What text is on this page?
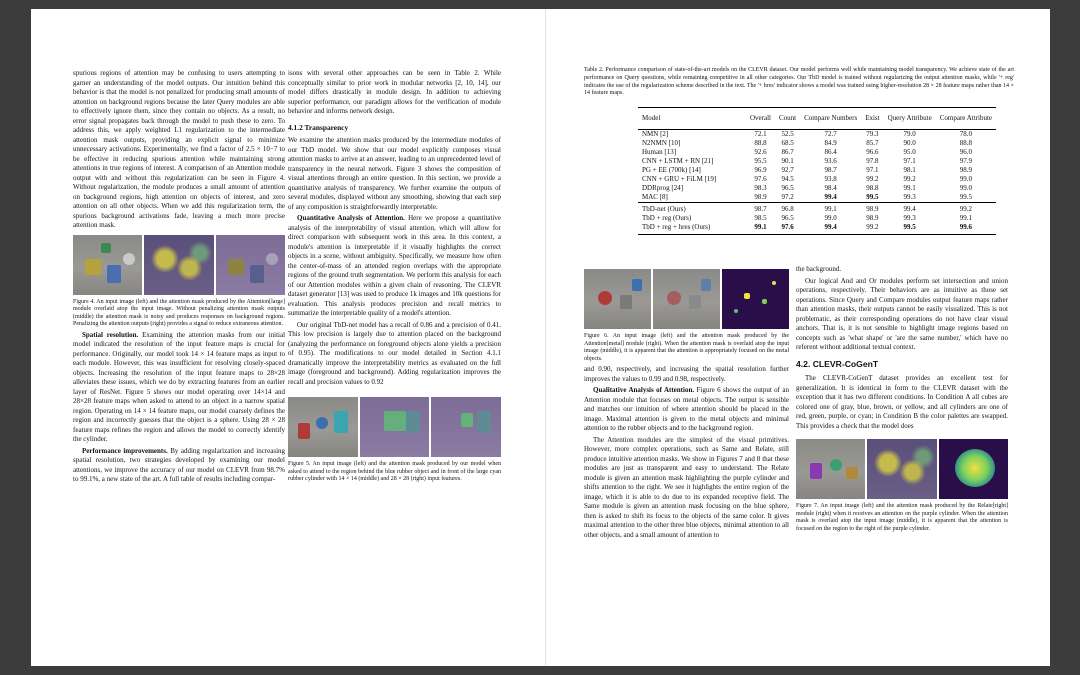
spurious regions of attention may be confusing to users attempting to garner an understanding of the model outputs. Our intuition behind this behavior is that the model is not penalized for producing small amounts of attention on background regions because the later Query modules are able to effectively ignore them, since they contain no objects. As a result, no error signal propagates back through the model to push these to zero. To address this, we apply weighted L1 regularization to the intermediate attention mask outputs, providing an explicit signal to minimize unnecessary activations. Experimentally, we find a factor of 2.5 × 10−7 to be effective in reducing spurious attention while maintaining strong attentions in true regions of interest. A comparison of an Attention module output with and without this regularization can be seen in Figure 4. Without regularization, the module produces a small amount of attention on background regions, high attention on objects of interest, and zero attention on all other objects. When we add this regularization term, the spurious background activations fade, leaving a much more precise attention mask.

Figure 4. An input image (left) and the attention mask produced by the Attention[large] module overlaid atop the input image. Without penalizing attention mask outputs (middle) the attention mask is noisy and produces responses on background regions. Penalizing the attention outputs (right) provides a signal to reduce extraneous attention.

Spatial resolution. Examining the attention masks from our initial model indicated the resolution of the input feature maps is crucial for performance. Originally, our model took 14 × 14 feature maps as input to each module. However, this was insufficient for resolving closely-spaced objects. Increasing the resolution of the input feature maps to 28×28 alleviates these issues, which we do by extracting features from an earlier layer of ResNet. Figure 5 shows our model operating over 14×14 and 28×28 feature maps when asked to attend to an object in a narrow spatial region. Operating on 14 × 14 feature maps, our model coarsely defines the region and incorrectly guesses that the object is a sphere. Using 28 × 28 feature maps refines the region and allows the model to correctly identify the cylinder.

Performance improvements. By adding regularization and increasing spatial resolution, two strategies developed by examining our model attentions, we improve the accuracy of our model on CLEVR from 98.7% to 99.1%, a new state of the art. A full table of results including compar-

isons with several other approaches can be seen in Table 2. While conceptually similar to prior work in modular networks [2, 10, 14], our model differs drastically in module design. In addition to achieving superior performance, our paradigm allows for the verification of module behavior and informs network design.

4.1.2 Transparency

We examine the attention masks produced by the intermediate modules of our TbD model. We show that our model explicitly composes visual attention masks to arrive at an answer, leading to an unprecedented level of transparency in the neural network. Figure 3 shows the composition of visual attentions through an entire question. In this section, we provide a quantitative analysis of transparency. We further examine the outputs of several modules, displayed without any smoothing, showing that each step of any composition is straightforwardly interpretable.

Quantitative Analysis of Attention. Here we propose a quantitative analysis of the interpretability of visual attention, which will allow for direct comparison with subsequent work in this area. In this context, a module's attention is interpretable if it visually highlights the correct objects in a scene, without ambiguity. Specifically, we measure how often the center-of-mass of an attended region overlaps with the appropriate regions of the ground truth segmentation. We perform this analysis for each of our Attention modules within a given chain of reasoning. The CLEVR dataset generator [13] was used to produce 1k images and 10k questions for evaluation. This analysis produces precision and recall metrics to summarize the interpretable quality of a model's attention.

Our original TbD-net model has a recall of 0.86 and a precision of 0.41. This low precision is largely due to attention placed on the background (analyzing the performance on foreground objects alone yields a precision of 0.95). The modifications to our model detailed in Section 4.1.1 dramatically improve the interpretability metrics as evaluated on the full image (foreground and background). Adding regularization improves the recall and precision values to 0.92

Figure 5. An input image (left) and the attention mask produced by our model when asked to attend to the region behind the blue rubber object and in front of the large cyan rubber cylinder with 14 × 14 (middle) and 28 × 28 (right) input features.

Table 2. Performance comparison of state-of-the-art models on the CLEVR dataset. Our model performs well while maintaining model transparency. We achieve state of the art performance on Query questions, while remaining competitive in all other categories. Our TbD model is trained without regularizing the output attention masks, while '+ reg' indicates the use of the regularization scheme described in the text. The '+ hres' indicator shows a model was trained using higher-resolution 28 × 28 feature maps rather than 14 × 14 feature maps.

Model	Overall	Count	Compare Numbers	Exist	Query Attribute	Compare Attribute
NMN [2]	72.1	52.5	72.7	79.3	79.0	78.0
N2NMN [10]	88.8	68.5	84.9	85.7	90.0	88.8
Human [13]	92.6	86.7	86.4	96.6	95.0	96.0
CNN + LSTM + RN [21]	95.5	90.1	93.6	97.8	97.1	97.9
PG + EE (700k) [14]	96.9	92.7	98.7	97.1	98.1	98.9
CNN + GRU + FiLM [19]	97.6	94.5	93.8	99.2	99.2	99.0
DDRprog [24]	98.3	96.5	98.4	98.8	99.1	99.0
MAC [8]	98.9	97.2	99.4	99.5	99.3	99.5
TbD-net (Ours)	98.7	96.8	99.1	98.9	99.4	99.2
TbD + reg (Ours)	98.5	96.5	99.0	98.9	99.3	99.1
TbD + reg + hres (Ours)	99.1	97.6	99.4	99.2	99.5	99.6

Figure 6. An input image (left) and the attention mask produced by the Attention[metal] module (right). When the attention mask is overlaid atop the input image (middle), it is apparent that the attention is appropriately focused on the metal objects.

and 0.90, respectively, and increasing the spatial resolution further improves the values to 0.99 and 0.98, respectively.

Qualitative Analysis of Attention. Figure 6 shows the output of an Attention module that focuses on metal objects. The output is sensible and matches our intuition of where attention should be placed in the image. Maximal attention is given to the metal objects and minimal attention to the rubber objects and to the background region.

The Attention modules are the simplest of the visual primitives. However, more complex operations, such as Same and Relate, still produce intuitive attention masks. We show in Figures 7 and 8 that these modules are just as transparent and easy to understand. The Relate module is given an attention mask highlighting the purple cylinder and shifts attention to the right. We see it highlights the entire region of the image, which it is able to do due to its expanded receptive field. The Same module is given an attention mask focusing on the blue sphere, then is asked to shift its focus to the objects of the same color. It gives maximal attention to the other three blue objects, minimal attention to all other objects, and a small amount of attention to

the background.

Our logical And and Or modules perform set intersection and union operations, respectively. Their behaviors are as intuitive as those set operations. Since Query and Compare modules output feature maps rather than attention masks, their outputs cannot be easily visualized. This is not problematic, as their corresponding operations do not have clear visual anchors. That is, it is not sensible to highlight image regions based on concepts such as 'what shape' or 'are the same number,' which have no referent without additional textual context.

4.2. CLEVR-CoGenT

The CLEVR-CoGenT dataset provides an excellent test for generalization. It is identical in form to the CLEVR dataset with the exception that it has two different conditions. In Condition A all cubes are colored one of gray, blue, brown, or yellow, and all cylinders are one of red, green, purple, or cyan; in Condition B the color palettes are swapped. This provides a check that the model does

Figure 7. An input image (left) and the attention mask produced by the Relate[right] module (right) when it receives an attention on the purple cylinder. When the attention mask is overlaid atop the input image (middle), it is apparent that the attention is focused on the region to the right of the purple cylinder.
